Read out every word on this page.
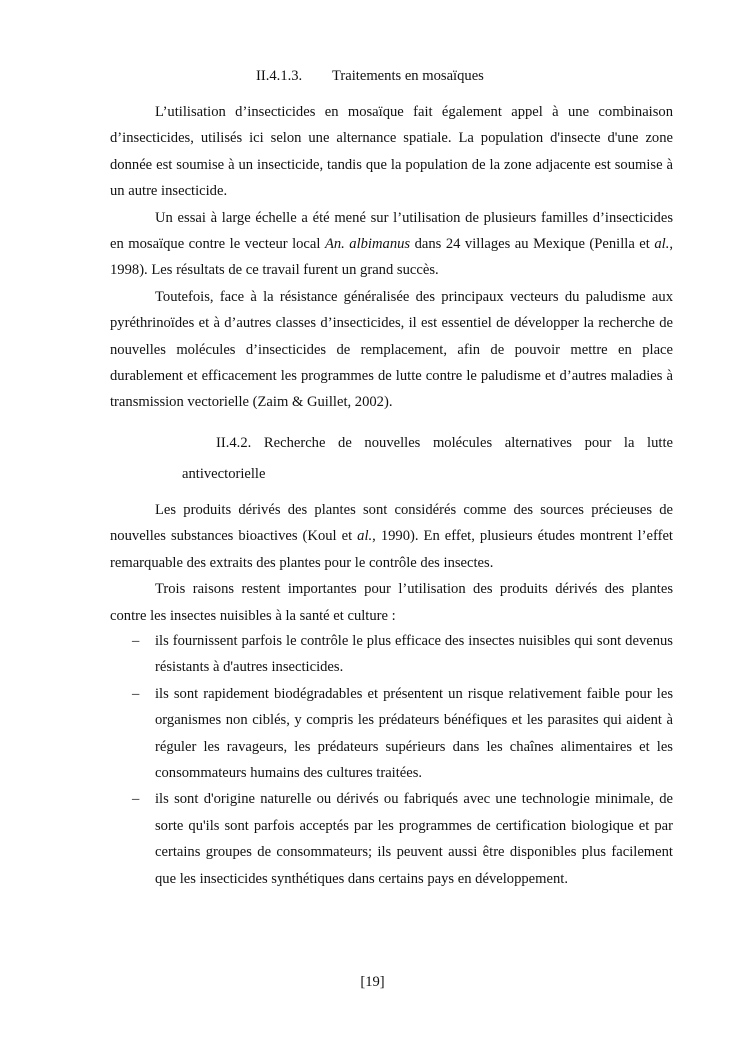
II.4.1.3. Traitements en mosaïques

L’utilisation d’insecticides en mosaïque fait également appel à une combinaison d’insecticides, utilisés ici selon une alternance spatiale. La population d'insecte d'une zone donnée est soumise à un insecticide, tandis que la population de la zone adjacente est soumise à un autre insecticide.

Un essai à large échelle a été mené sur l’utilisation de plusieurs familles d’insecticides en mosaïque contre le vecteur local An. albimanus dans 24 villages au Mexique (Penilla et al., 1998). Les résultats de ce travail furent un grand succès.

Toutefois, face à la résistance généralisée des principaux vecteurs du paludisme aux pyréthrinoïdes et à d’autres classes d’insecticides, il est essentiel de développer la recherche de nouvelles molécules d’insecticides de remplacement, afin de pouvoir mettre en place durablement et efficacement les programmes de lutte contre le paludisme et d’autres maladies à transmission vectorielle (Zaim & Guillet, 2002).

II.4.2. Recherche de nouvelles molécules alternatives pour la lutte

antivectorielle

Les produits dérivés des plantes sont considérés comme des sources précieuses de nouvelles substances bioactives (Koul et al., 1990). En effet, plusieurs études montrent l’effet remarquable des extraits des plantes pour le contrôle des insectes.

Trois raisons restent importantes pour l’utilisation des produits dérivés des plantes contre les insectes nuisibles à la santé et culture :

– ils fournissent parfois le contrôle le plus efficace des insectes nuisibles qui sont devenus résistants à d'autres insecticides.
– ils sont rapidement biodégradables et présentent un risque relativement faible pour les organismes non ciblés, y compris les prédateurs bénéfiques et les parasites qui aident à réguler les ravageurs, les prédateurs supérieurs dans les chaînes alimentaires et les consommateurs humains des cultures traitées.
– ils sont d'origine naturelle ou dérivés ou fabriqués avec une technologie minimale, de sorte qu'ils sont parfois acceptés par les programmes de certification biologique et par certains groupes de consommateurs; ils peuvent aussi être disponibles plus facilement que les insecticides synthétiques dans certains pays en développement.
[19]
